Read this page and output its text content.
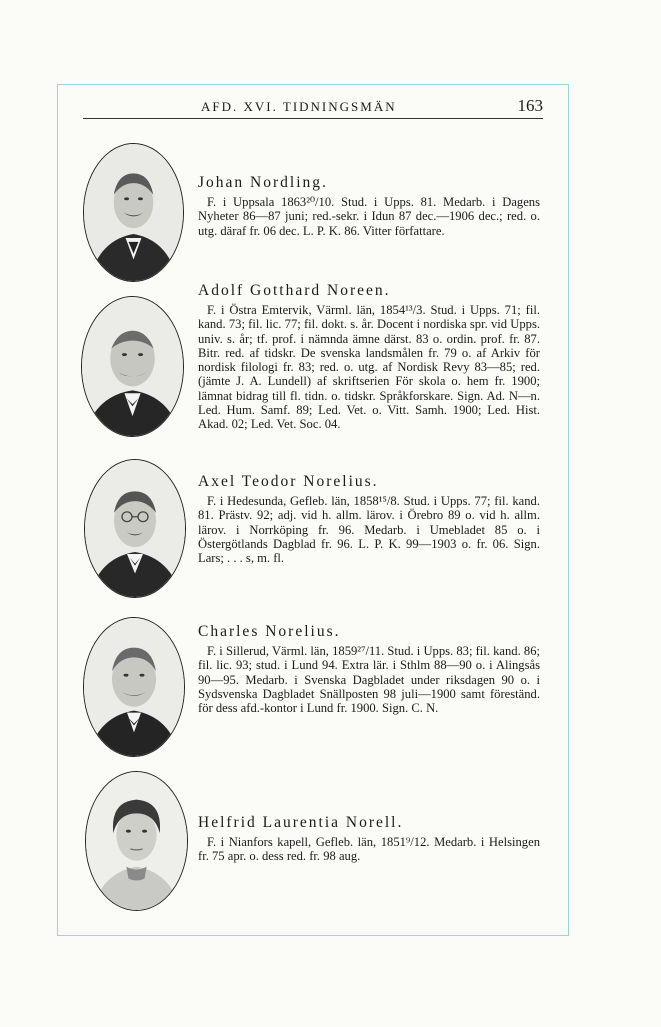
AFD. XVI. TIDNINGSMÄN	163
Johan Nordling.
F. i Uppsala 1863²⁰/10. Stud. i Upps. 81. Medarb. i Dagens Nyheter 86—87 juni; red.-sekr. i Idun 87 dec.—1906 dec.; red. o. utg. däraf fr. 06 dec. L. P. K. 86. Vitter författare.
Adolf Gotthard Noreen.
F. i Östra Emtervik, Värml. län, 1854¹³/3. Stud. i Upps. 71; fil. kand. 73; fil. lic. 77; fil. dokt. s. år. Docent i nordiska spr. vid Upps. univ. s. år; tf. prof. i nämnda ämne därst. 83 o. ordin. prof. fr. 87. Bitr. red. af tidskr. De svenska landsmålen fr. 79 o. af Arkiv för nordisk filologi fr. 83; red. o. utg. af Nordisk Revy 83—85; red. (jämte J. A. Lundell) af skriftserien För skola o. hem fr. 1900; lämnat bidrag till fl. tidn. o. tidskr. Språkforskare. Sign. Ad. N—n. Led. Hum. Samf. 89; Led. Vet. o. Vitt. Samh. 1900; Led. Hist. Akad. 02; Led. Vet. Soc. 04.
Axel Teodor Norelius.
F. i Hedesunda, Gefleb. län, 1858¹⁵/8. Stud. i Upps. 77; fil. kand. 81. Prästv. 92; adj. vid h. allm. lärov. i Örebro 89 o. vid h. allm. lärov. i Norrköping fr. 96. Medarb. i Umebladet 85 o. i Östergötlands Dagblad fr. 96. L. P. K. 99—1903 o. fr. 06. Sign. Lars; . . . s, m. fl.
Charles Norelius.
F. i Sillerud, Värml. län, 1859²⁷/11. Stud. i Upps. 83; fil. kand. 86; fil. lic. 93; stud. i Lund 94. Extra lär. i Sthlm 88—90 o. i Alingsås 90—95. Medarb. i Svenska Dagbladet under riksdagen 90 o. i Sydsvenska Dagbladet Snällposten 98 juli—1900 samt föreständ. för dess afd.-kontor i Lund fr. 1900. Sign. C. N.
Helfrid Laurentia Norell.
F. i Nianfors kapell, Gefleb. län, 1851⁹/12. Medarb. i Helsingen fr. 75 apr. o. dess red. fr. 98 aug.
